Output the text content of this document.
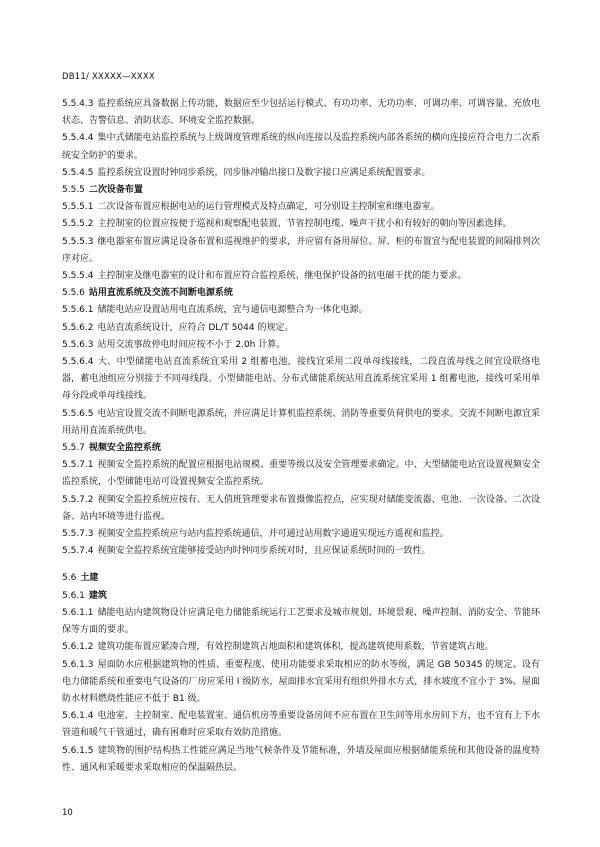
DB11/ XXXXX—XXXX
5.5.4.3 监控系统应具备数据上传功能，数据应至少包括运行模式、有功功率、无功功率、可调功率、可调容量、充放电状态、告警信息、消防状态、环境安全监控数据。
5.5.4.4 集中式储能电站监控系统与上级调度管理系统的纵向连接以及监控系统内部各系统的横向连接应符合电力二次系统安全防护的要求。
5.5.4.5 监控系统宜设置时钟同步系统，同步脉冲输出接口及数字接口应满足系统配置要求。
5.5.5 二次设备布置
5.5.5.1 二次设备布置应根据电站的运行管理模式及特点确定，可分别设主控制室和继电器室。
5.5.5.2 主控制室的位置应按便于巡视和观察配电装置、节省控制电缆、噪声干扰小和有较好的朝向等因素选择。
5.5.5.3 继电器室布置应满足设备布置和巡视维护的要求，并应留有备用屏位。屏、柜的布置宜与配电装置的间隔排列次序对应。
5.5.5.4 主控制室及继电器室的设计和布置应符合监控系统、继电保护设备的抗电磁干扰的能力要求。
5.5.6 站用直流系统及交流不间断电源系统
5.5.6.1 储能电站应设置站用电直流系统，宜与通信电源整合为一体化电源。
5.5.6.2 电站直流系统设计，应符合 DL/T 5044 的规定。
5.5.6.3 站用交流事故停电时间应按不小于 2.0h 计算。
5.5.6.4 大、中型储能电站直流系统宜采用 2 组蓄电池，接线宜采用二段单母线接线，二段直流母线之间宜设联络电器，蓄电池组应分别接于不同母线段。小型储能电站、分布式储能系统站用直流系统宜采用 1 组蓄电池，接线可采用单母分段或单母线接线。
5.5.6.5 电站宜设置交流不间断电源系统，并应满足计算机监控系统、消防等重要负荷供电的要求。交流不间断电源宜采用站用直流系统供电。
5.5.7 视频安全监控系统
5.5.7.1 视频安全监控系统的配置应根据电站规模、重要等级以及安全管理要求确定。中、大型储能电站宜设置视频安全监控系统，小型储能电站可设置视频安全监控系统。
5.5.7.2 视频安全监控系统应按有、无人值班管理要求布置摄像监控点，应实现对储能变流器、电池、一次设备、二次设备、站内环境等进行监视。
5.5.7.3 视频安全监控系统应与站内监控系统通信，并可通过站用数字通道实现远方遥视和监控。
5.5.7.4 视频安全监控系统宜能够接受站内时钟同步系统对时，且应保证系统时间的一致性。
5.6 土建
5.6.1 建筑
5.6.1.1 储能电站内建筑物设计应满足电力储能系统运行工艺要求及城市规划、环境景观、噪声控制、消防安全、节能环保等方面的要求。
5.6.1.2 建筑功能布置应紧凑合理，有效控制建筑占地面积和建筑体积，提高建筑使用系数，节省建筑占地。
5.6.1.3 屋面防水应根据建筑物的性质、重要程度、使用功能要求采取相应的防水等级，满足 GB 50345 的规定。设有电力储能系统和重要电气设备的厂房应采用 I 级防水，屋面排水宜采用有组织外排水方式，排水坡度不宜小于 3%。屋面防水材料燃烧性能应不低于 B1 级。
5.6.1.4 电池室、主控制室、配电装置室、通信机房等重要设备房间不应布置在卫生间等用水房间下方，也不宜有上下水管道和暖气干管通过，确有困难时应采取有效防范措施。
5.6.1.5 建筑物的围护结构热工性能应满足当地气候条件及节能标准，外墙及屋面应根据储能系统和其他设备的温度特性、通风和采暖要求采取相应的保温隔热层。
10
